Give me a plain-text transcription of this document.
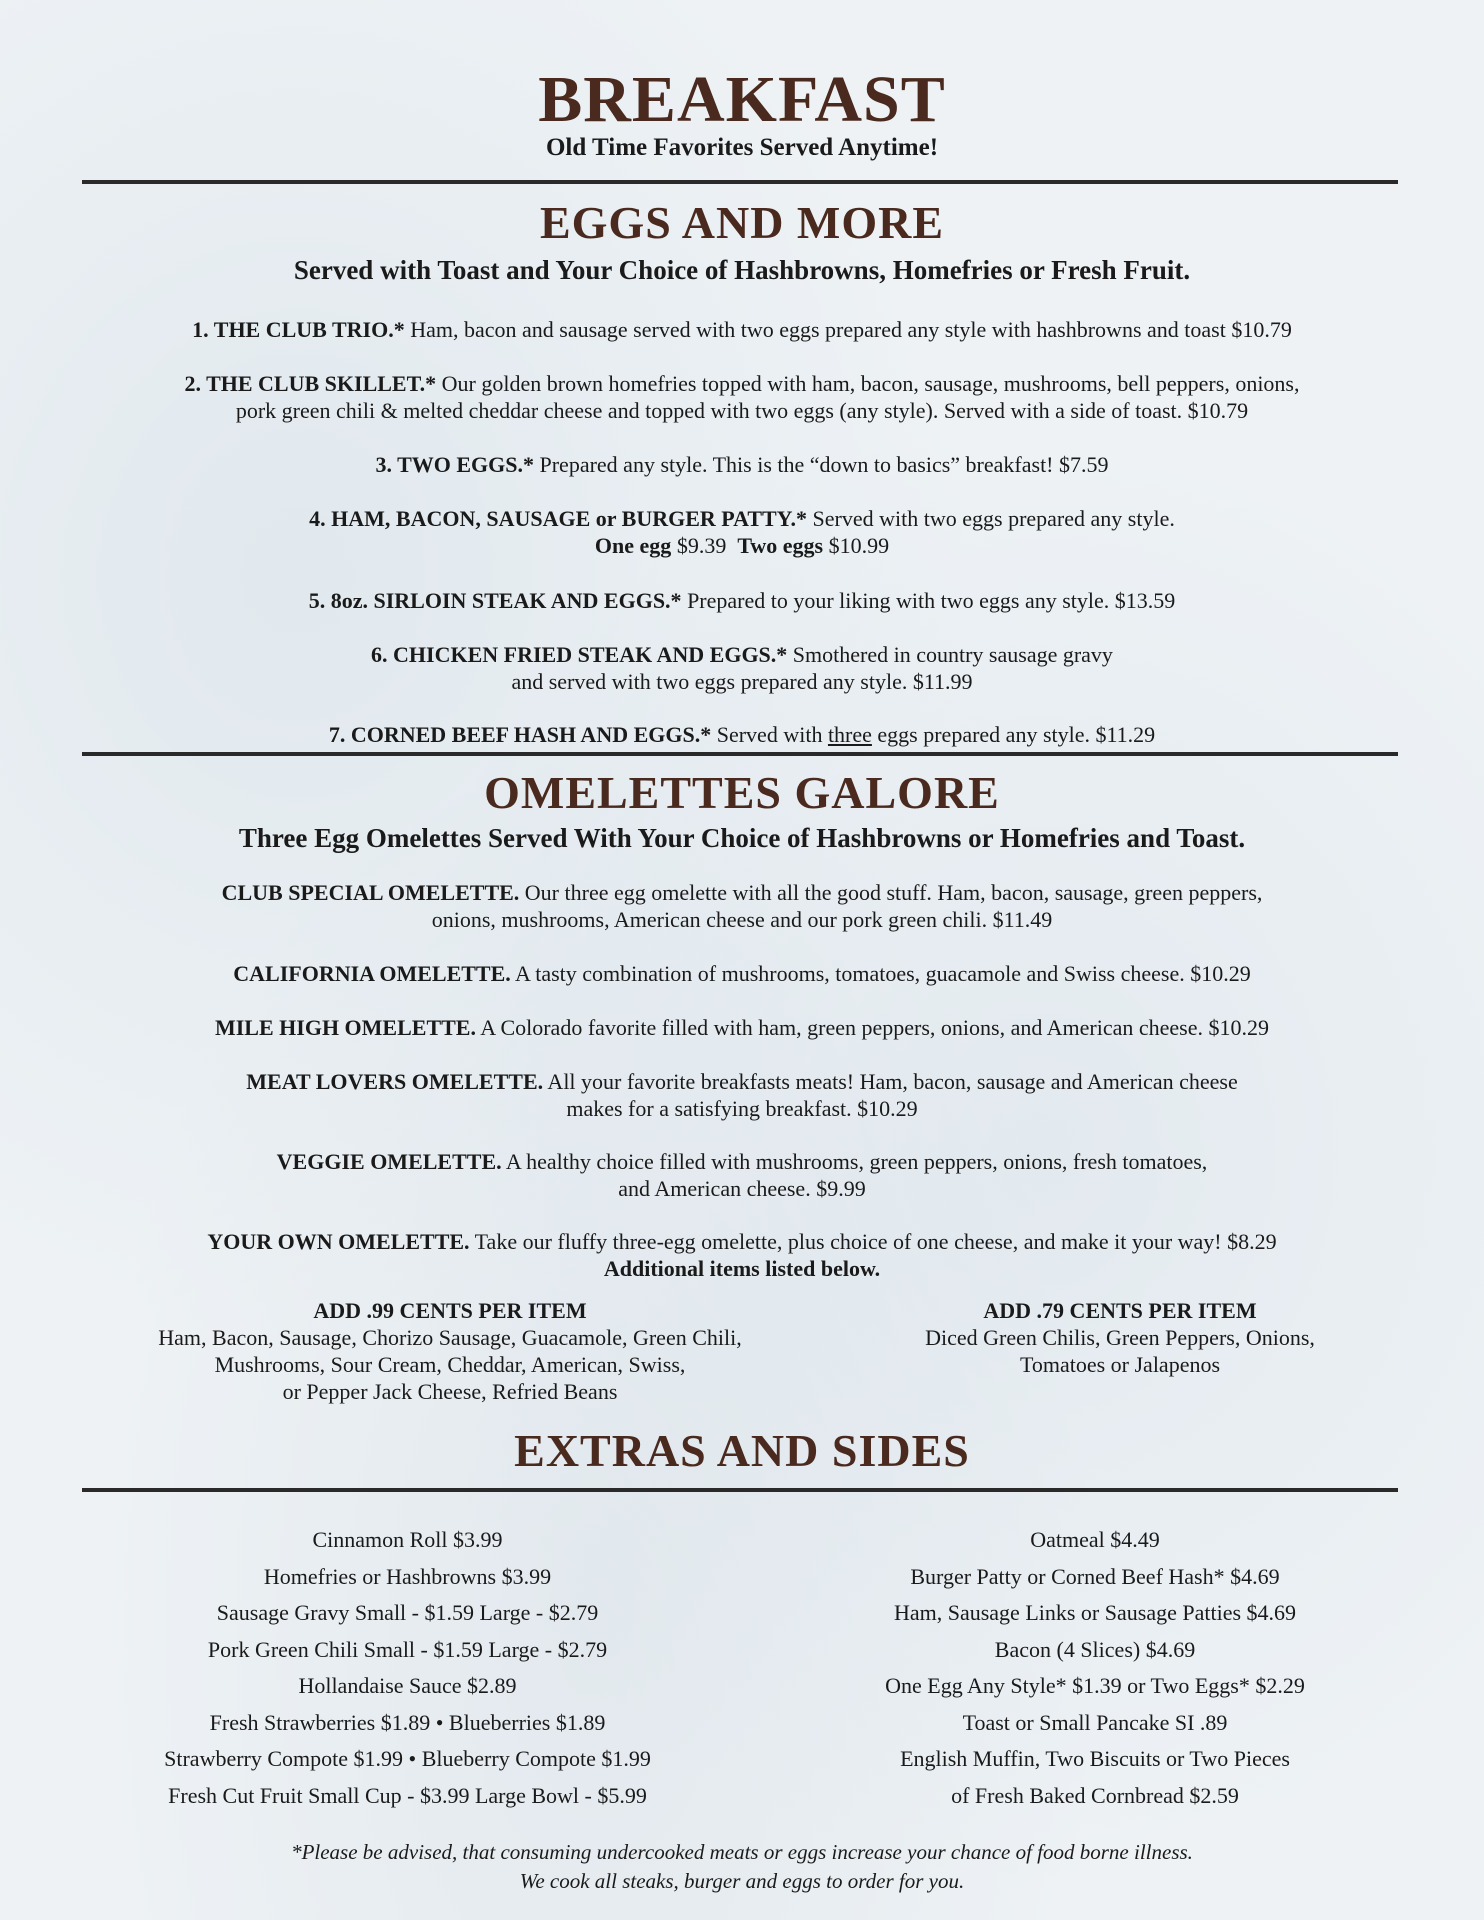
BREAKFAST
Old Time Favorites Served Anytime!
EGGS AND MORE
Served with Toast and Your Choice of Hashbrowns, Homefries or Fresh Fruit.
1. THE CLUB TRIO.* Ham, bacon and sausage served with two eggs prepared any style with hashbrowns and toast $10.79
2. THE CLUB SKILLET.* Our golden brown homefries topped with ham, bacon, sausage, mushrooms, bell peppers, onions,
pork green chili & melted cheddar cheese and topped with two eggs (any style). Served with a side of toast. $10.79
3. TWO EGGS.* Prepared any style. This is the “down to basics” breakfast! $7.59
4. HAM, BACON, SAUSAGE or BURGER PATTY.* Served with two eggs prepared any style.
One egg $9.39  Two eggs $10.99
5. 8oz. SIRLOIN STEAK AND EGGS.* Prepared to your liking with two eggs any style. $13.59
6. CHICKEN FRIED STEAK AND EGGS.* Smothered in country sausage gravy
and served with two eggs prepared any style. $11.99
7. CORNED BEEF HASH AND EGGS.* Served with three eggs prepared any style. $11.29
OMELETTES GALORE
Three Egg Omelettes Served With Your Choice of Hashbrowns or Homefries and Toast.
CLUB SPECIAL OMELETTE. Our three egg omelette with all the good stuff. Ham, bacon, sausage, green peppers,
onions, mushrooms, American cheese and our pork green chili. $11.49
CALIFORNIA OMELETTE. A tasty combination of mushrooms, tomatoes, guacamole and Swiss cheese. $10.29
MILE HIGH OMELETTE. A Colorado favorite filled with ham, green peppers, onions, and American cheese. $10.29
MEAT LOVERS OMELETTE. All your favorite breakfasts meats! Ham, bacon, sausage and American cheese
makes for a satisfying breakfast. $10.29
VEGGIE OMELETTE. A healthy choice filled with mushrooms, green peppers, onions, fresh tomatoes,
and American cheese. $9.99
YOUR OWN OMELETTE. Take our fluffy three-egg omelette, plus choice of one cheese, and make it your way! $8.29
Additional items listed below.
ADD .99 CENTS PER ITEM
Ham, Bacon, Sausage, Chorizo Sausage, Guacamole, Green Chili,
Mushrooms, Sour Cream, Cheddar, American, Swiss,
or Pepper Jack Cheese, Refried Beans
ADD .79 CENTS PER ITEM
Diced Green Chilis, Green Peppers, Onions,
Tomatoes or Jalapenos
EXTRAS AND SIDES
Cinnamon Roll $3.99
Homefries or Hashbrowns $3.99
Sausage Gravy Small - $1.59 Large - $2.79
Pork Green Chili Small - $1.59 Large - $2.79
Hollandaise Sauce $2.89
Fresh Strawberries $1.89 • Blueberries $1.89
Strawberry Compote $1.99 • Blueberry Compote $1.99
Fresh Cut Fruit Small Cup - $3.99 Large Bowl - $5.99
Oatmeal $4.49
Burger Patty or Corned Beef Hash* $4.69
Ham, Sausage Links or Sausage Patties $4.69
Bacon (4 Slices) $4.69
One Egg Any Style* $1.39 or Two Eggs* $2.29
Toast or Small Pancake SI .89
English Muffin, Two Biscuits or Two Pieces
of Fresh Baked Cornbread $2.59
*Please be advised, that consuming undercooked meats or eggs increase your chance of food borne illness.
We cook all steaks, burger and eggs to order for you.
